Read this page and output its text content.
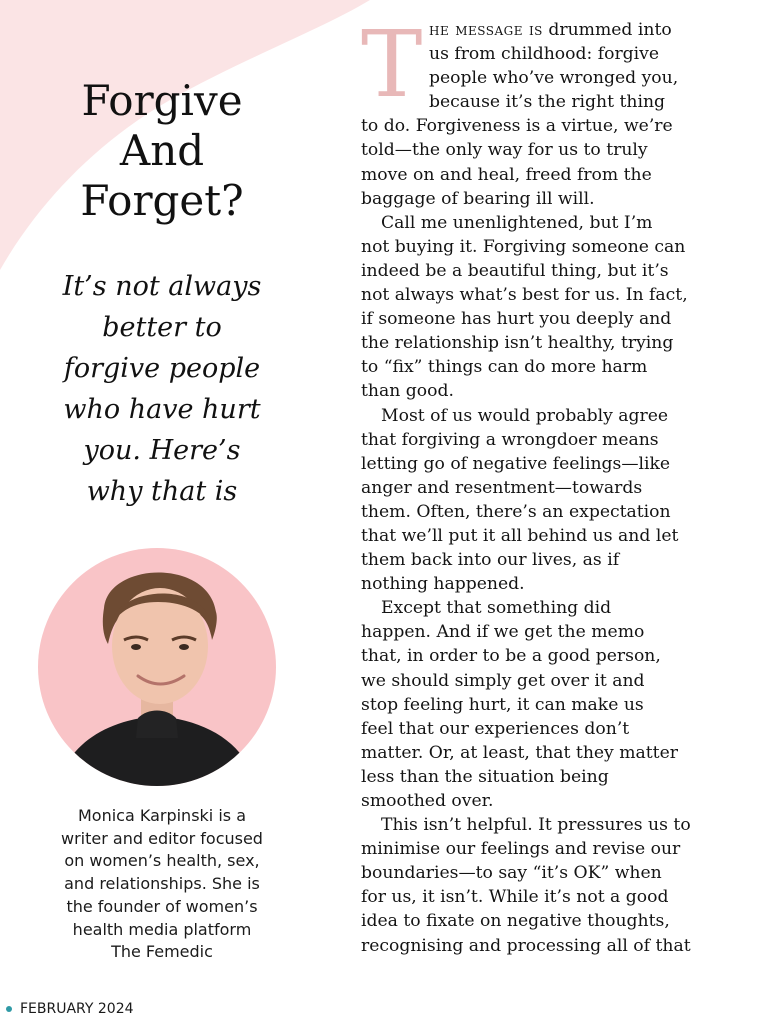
Forgive
And
Forget?
It’s not always
better to
forgive people
who have hurt
you. Here’s
why that is
Monica Karpinski is a
writer and editor focused
on women’s health, sex,
and relationships. She is
the founder of women’s
health media platform
The Femedic
T he message is drummed into
us from childhood: forgive
people who’ve wronged you,
because it’s the right thing
to do. Forgiveness is a virtue, we’re
told—the only way for us to truly
move on and heal, freed from the
baggage of bearing ill will.
Call me unenlightened, but I’m
not buying it. Forgiving someone can
indeed be a beautiful thing, but it’s
not always what’s best for us. In fact,
if someone has hurt you deeply and
the relationship isn’t healthy, trying
to “fix” things can do more harm
than good.
Most of us would probably agree
that forgiving a wrongdoer means
letting go of negative feelings—like
anger and resentment—towards
them. Often, there’s an expectation
that we’ll put it all behind us and let
them back into our lives, as if
nothing happened.
Except that something did
happen. And if we get the memo
that, in order to be a good person,
we should simply get over it and
stop feeling hurt, it can make us
feel that our experiences don’t
matter. Or, at least, that they matter
less than the situation being
smoothed over.
This isn’t helpful. It pressures us to
minimise our feelings and revise our
boundaries—to say “it’s OK” when
for us, it isn’t. While it’s not a good
idea to fixate on negative thoughts,
recognising and processing all of that
FEBRUARY 2024
